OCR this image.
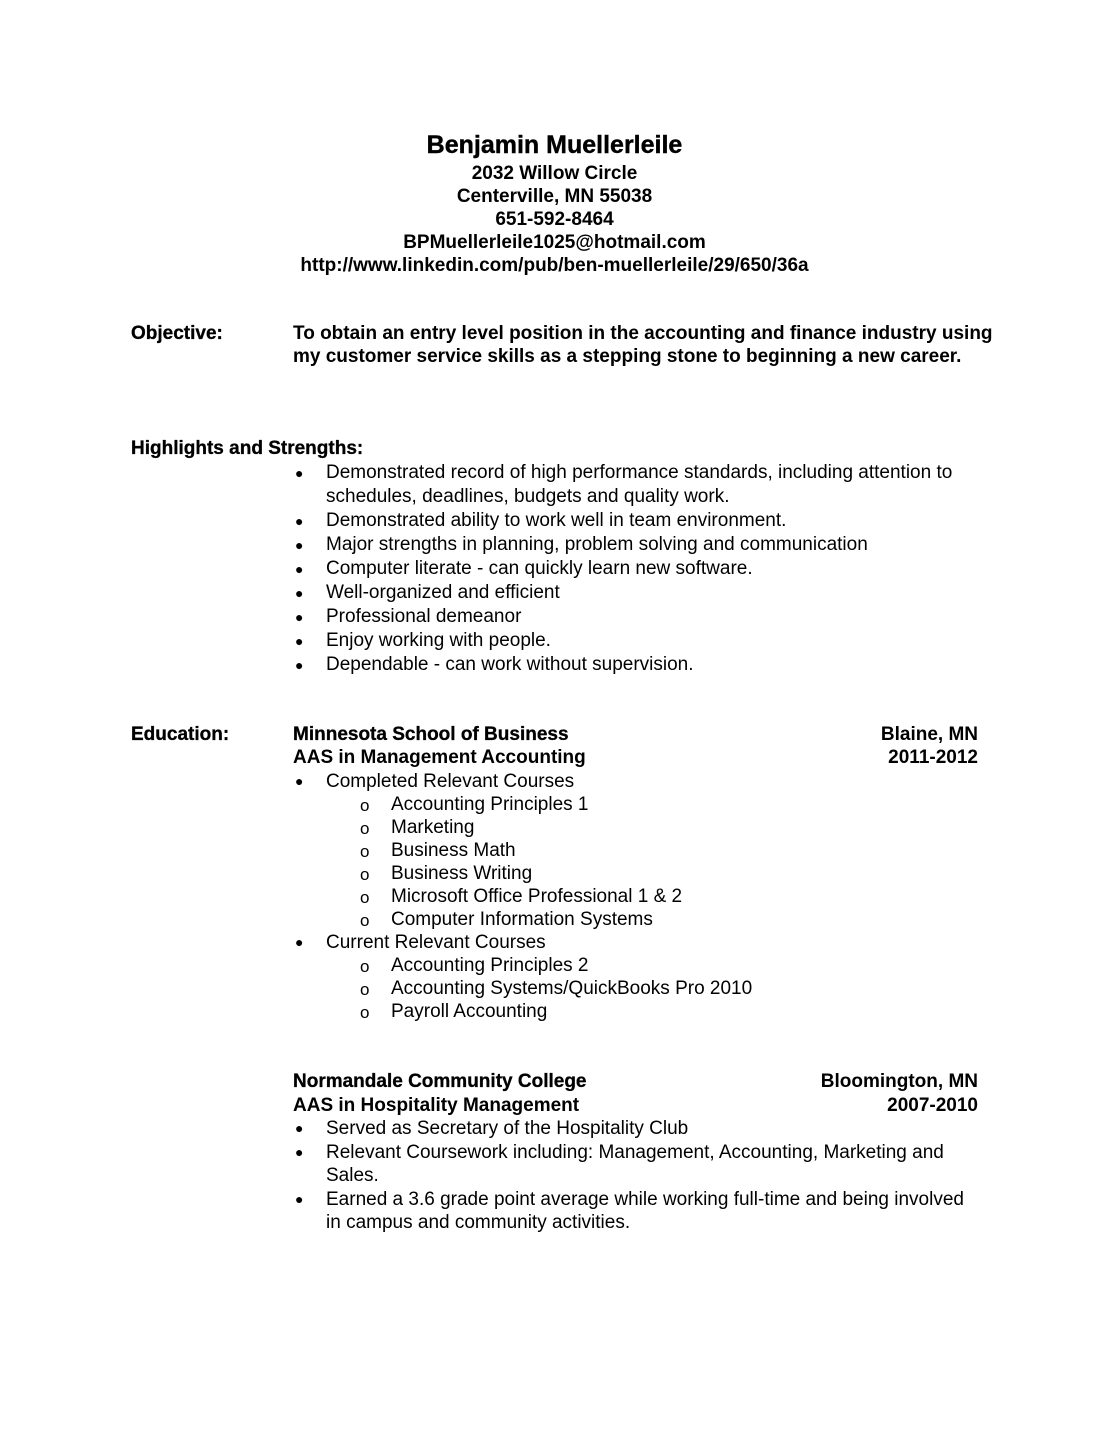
Benjamin Muellerleile
2032 Willow Circle
Centerville, MN 55038
651-592-8464
BPMuellerleile1025@hotmail.com
http://www.linkedin.com/pub/ben-muellerleile/29/650/36a
Objective:	To obtain an entry level position in the accounting and finance industry using my customer service skills as a stepping stone to beginning a new career.
Highlights and Strengths:
● Demonstrated record of high performance standards, including attention to schedules, deadlines, budgets and quality work.
● Demonstrated ability to work well in team environment.
● Major strengths in planning, problem solving and communication
● Computer literate - can quickly learn new software.
● Well-organized and efficient
● Professional demeanor
● Enjoy working with people.
● Dependable - can work without supervision.
Education:	Minnesota School of Business	Blaine, MN
AAS in Management Accounting	2011-2012
● Completed Relevant Courses
o Accounting Principles 1
o Marketing
o Business Math
o Business Writing
o Microsoft Office Professional 1 & 2
o Computer Information Systems
● Current Relevant Courses
o Accounting Principles 2
o Accounting Systems/QuickBooks Pro 2010
o Payroll Accounting
Normandale Community College	Bloomington, MN
AAS in Hospitality Management	2007-2010
● Served as Secretary of the Hospitality Club
● Relevant Coursework including: Management, Accounting, Marketing and Sales.
● Earned a 3.6 grade point average while working full-time and being involved in campus and community activities.
